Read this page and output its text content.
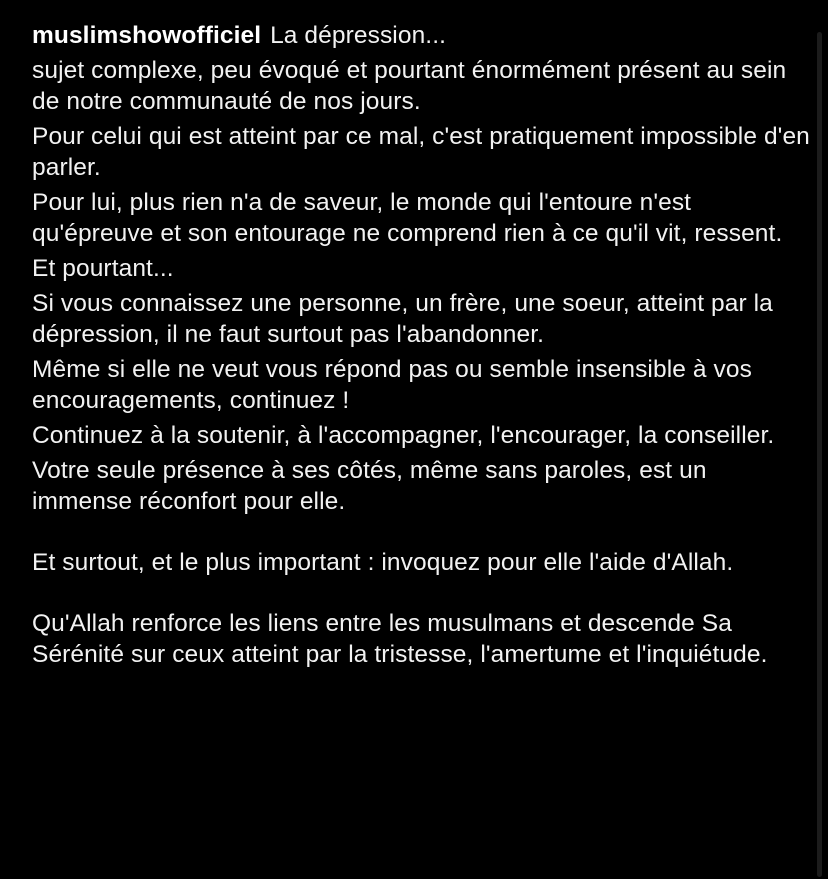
muslimshowofficiel La dépression...

sujet complexe, peu évoqué et pourtant énormément présent au sein de notre communauté de nos jours.

Pour celui qui est atteint par ce mal, c'est pratiquement impossible d'en parler.

Pour lui, plus rien n'a de saveur, le monde qui l'entoure n'est qu'épreuve et son entourage ne comprend rien à ce qu'il vit, ressent.

Et pourtant...

Si vous connaissez une personne, un frère, une soeur, atteint par la dépression, il ne faut surtout pas l'abandonner.

Même si elle ne veut vous répond pas ou semble insensible à vos encouragements, continuez !

Continuez à la soutenir, à l'accompagner, l'encourager, la conseiller.

Votre seule présence à ses côtés, même sans paroles, est un immense réconfort pour elle.

Et surtout, et le plus important : invoquez pour elle l'aide d'Allah.

Qu'Allah renforce les liens entre les musulmans et descende Sa Sérénité sur ceux atteint par la tristesse, l'amertume et l'inquiétude.
